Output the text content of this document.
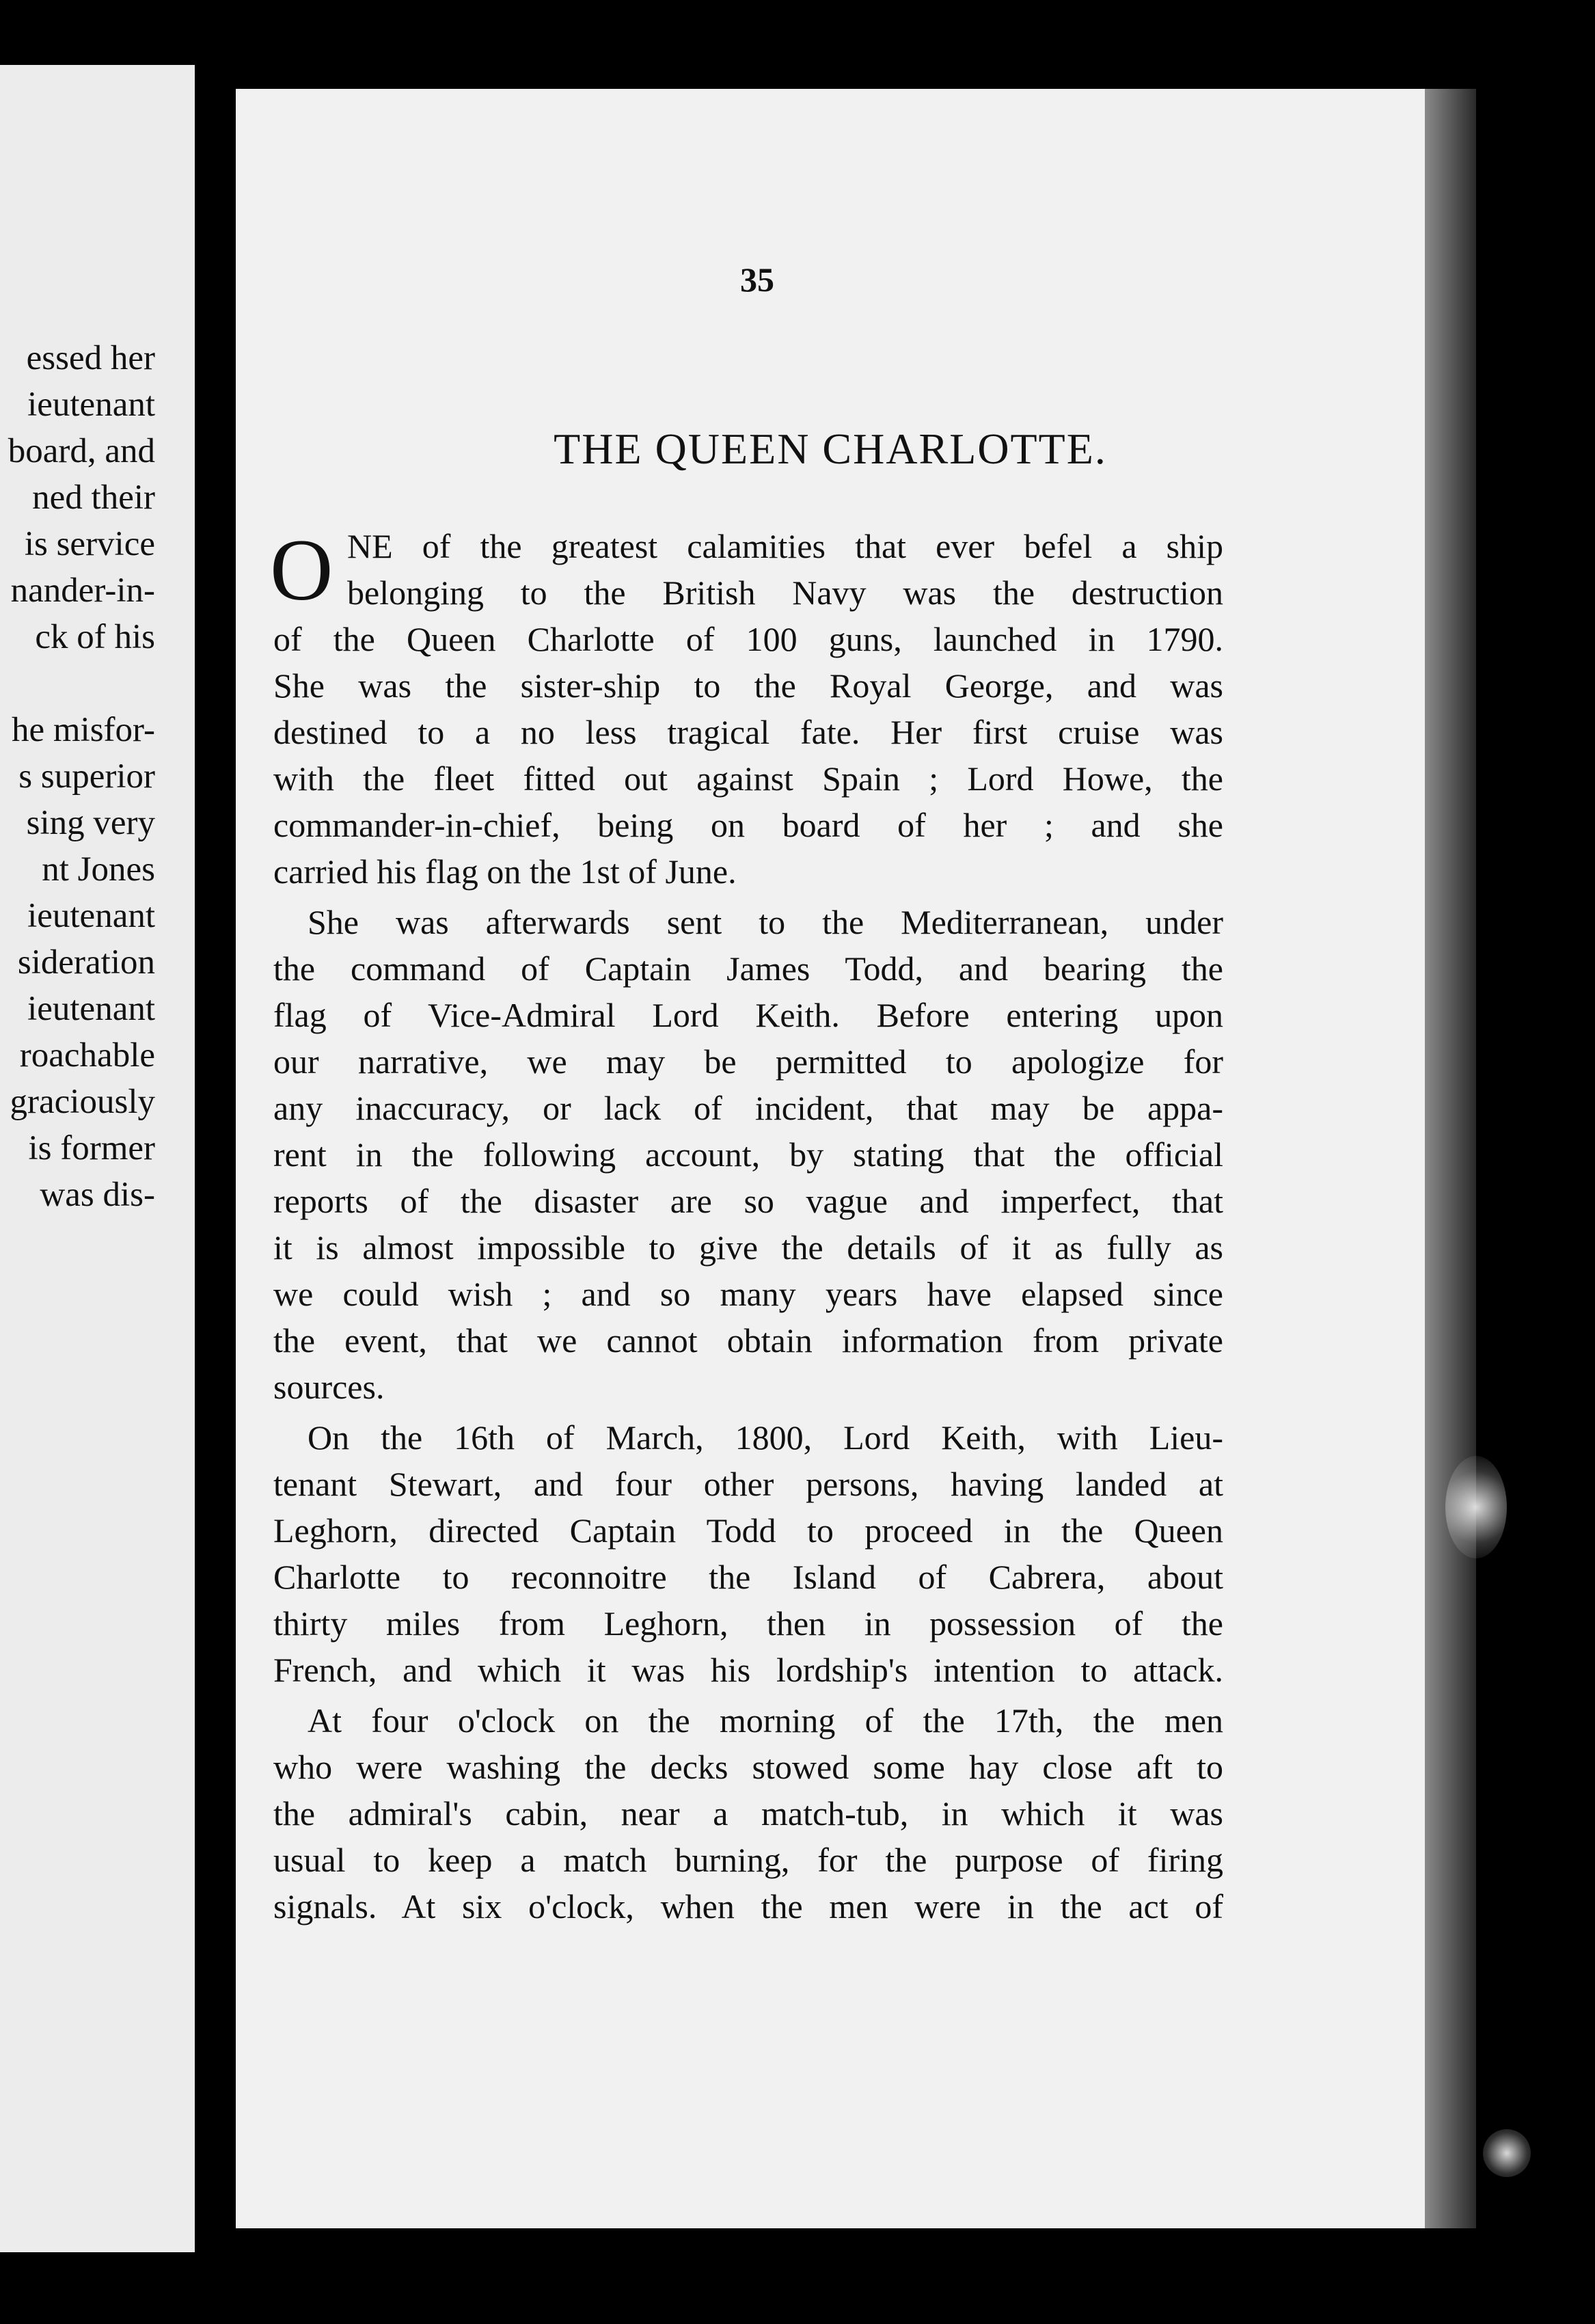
essed her
ieutenant
board, and
ned their
is service
nander-in-
ck of his
he misfor-
s superior
sing very
nt Jones
ieutenant
sideration
ieutenant
roachable
graciously
is former
was dis-
35
THE QUEEN CHARLOTTE.
O NE of the greatest calamities that ever befel a ship
belonging to the British Navy was the destruction
of the Queen Charlotte of 100 guns, launched in 1790.
She was the sister-ship to the Royal George, and was
destined to a no less tragical fate. Her first cruise was
with the fleet fitted out against Spain ; Lord Howe, the
commander-in-chief, being on board of her ; and she
carried his flag on the 1st of June.
She was afterwards sent to the Mediterranean, under
the command of Captain James Todd, and bearing the
flag of Vice-Admiral Lord Keith. Before entering upon
our narrative, we may be permitted to apologize for
any inaccuracy, or lack of incident, that may be appa-
rent in the following account, by stating that the official
reports of the disaster are so vague and imperfect, that
it is almost impossible to give the details of it as fully as
we could wish ; and so many years have elapsed since
the event, that we cannot obtain information from private
sources.
On the 16th of March, 1800, Lord Keith, with Lieu-
tenant Stewart, and four other persons, having landed at
Leghorn, directed Captain Todd to proceed in the Queen
Charlotte to reconnoitre the Island of Cabrera, about
thirty miles from Leghorn, then in possession of the
French, and which it was his lordship's intention to attack.
At four o'clock on the morning of the 17th, the men
who were washing the decks stowed some hay close aft to
the admiral's cabin, near a match-tub, in which it was
usual to keep a match burning, for the purpose of firing
signals. At six o'clock, when the men were in the act of
